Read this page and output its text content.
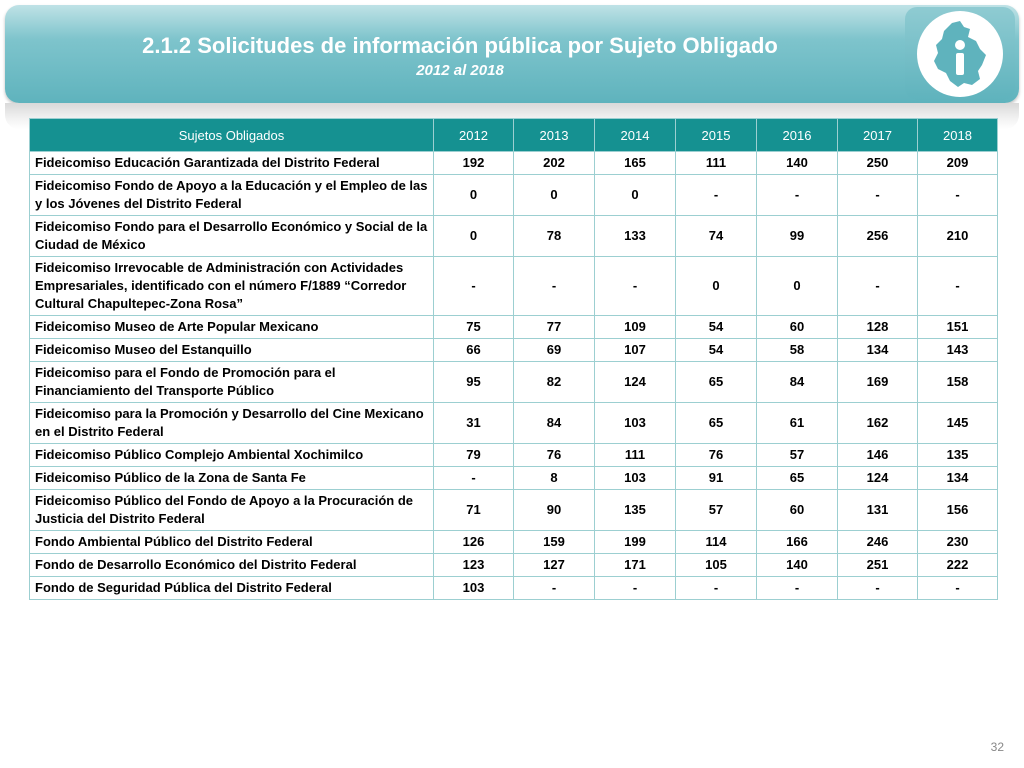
2.1.2 Solicitudes de información pública por Sujeto Obligado
2012 al 2018
Sujetos Obligados	2012	2013	2014	2015	2016	2017	2018
Fideicomiso Educación Garantizada del Distrito Federal	192	202	165	111	140	250	209
Fideicomiso Fondo de Apoyo a la Educación y el Empleo de las y los Jóvenes del Distrito Federal	0	0	0	-	-	-	-
Fideicomiso Fondo para el Desarrollo Económico y Social de la Ciudad de México	0	78	133	74	99	256	210
Fideicomiso Irrevocable de Administración con Actividades Empresariales, identificado con el número F/1889 “Corredor Cultural Chapultepec-Zona Rosa”	-	-	-	0	0	-	-
Fideicomiso Museo de Arte Popular Mexicano	75	77	109	54	60	128	151
Fideicomiso Museo del Estanquillo	66	69	107	54	58	134	143
Fideicomiso para el Fondo de Promoción para el Financiamiento del Transporte Público	95	82	124	65	84	169	158
Fideicomiso para la Promoción y Desarrollo del Cine Mexicano en el Distrito Federal	31	84	103	65	61	162	145
Fideicomiso Público Complejo Ambiental Xochimilco	79	76	111	76	57	146	135
Fideicomiso Público de la Zona de Santa Fe	-	8	103	91	65	124	134
Fideicomiso Público del Fondo de Apoyo a la Procuración de Justicia del Distrito Federal	71	90	135	57	60	131	156
Fondo Ambiental Público del Distrito Federal	126	159	199	114	166	246	230
Fondo de Desarrollo Económico del Distrito Federal	123	127	171	105	140	251	222
Fondo de Seguridad Pública del Distrito Federal	103	-	-	-	-	-	-
32
